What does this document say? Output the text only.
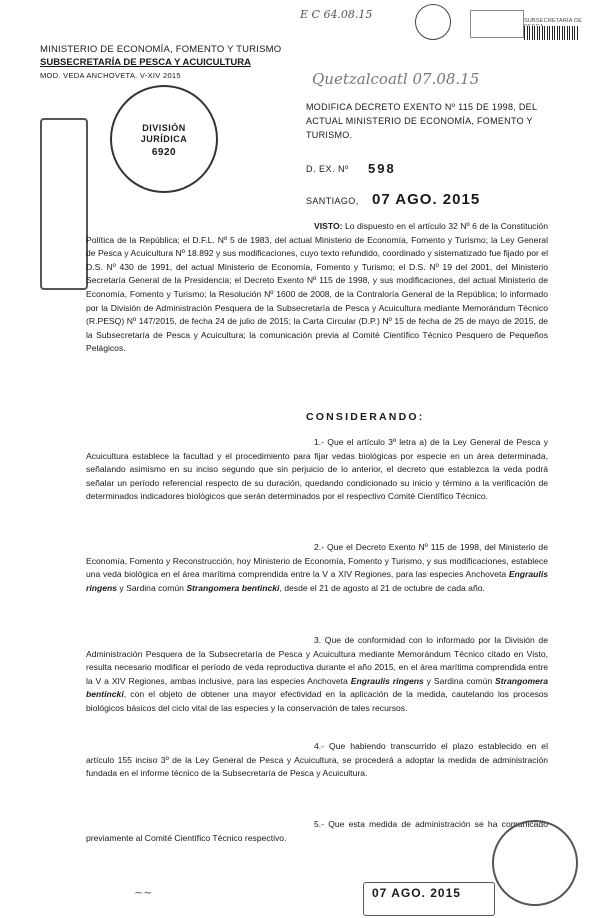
E C 64.08.15	SUBSECRETARÍA DE
MINISTERIO DE ECONOMÍA, FOMENTO Y TURISMO
SUBSECRETARÍA DE PESCA Y ACUICULTURA
MOD. VEDA ANCHOVETA. V-XIV 2015	Quetzalcoatl 07.08.15
DIVISIÓN
JURÍDICA
6920
MODIFICA DECRETO EXENTO Nº 115 DE 1998, DEL ACTUAL MINISTERIO DE ECONOMÍA, FOMENTO Y TURISMO.
D. EX. Nº 598
SANTIAGO, 07 AGO. 2015
VISTO: Lo dispuesto en el artículo 32 Nº 6 de la Constitución Política de la República; el D.F.L. Nº 5 de 1983, del actual Ministerio de Economía, Fomento y Turismo; la Ley General de Pesca y Acuicultura Nº 18.892 y sus modificaciones, cuyo texto refundido, coordinado y sistematizado fue fijado por el D.S. Nº 430 de 1991, del actual Ministerio de Economía, Fomento y Turismo; el D.S. Nº 19 del 2001, del Ministerio Secretaría General de la Presidencia; el Decreto Exento Nº 115 de 1998, y sus modificaciones, del actual Ministerio de Economía, Fomento y Turismo; la Resolución Nº 1600 de 2008, de la Contraloría General de la República; lo informado por la División de Administración Pesquera de la Subsecretaría de Pesca y Acuicultura mediante Memorándum Técnico (R.PESQ) Nº 147/2015, de fecha 24 de julio de 2015; la Carta Circular (D.P.) Nº 15 de fecha de 25 de mayo de 2015, de la Subsecretaría de Pesca y Acuicultura; la comunicación previa al Comité Científico Técnico Pesquero de Pequeños Pelágicos.
CONSIDERANDO:
1.- Que el artículo 3º letra a) de la Ley General de Pesca y Acuicultura establece la facultad y el procedimiento para fijar vedas biológicas por especie en un área determinada, señalando asimismo en su inciso segundo que sin perjuicio de lo anterior, el decreto que establezca la veda podrá señalar un período referencial respecto de su duración, quedando condicionado su inicio y término a la verificación de determinados indicadores biológicos que serán determinados por el respectivo Comité Científico Técnico.
2.- Que el Decreto Exento Nº 115 de 1998, del Ministerio de Economía, Fomento y Reconstrucción, hoy Ministerio de Economía, Fomento y Turismo, y sus modificaciones, establece una veda biológica en el área marítima comprendida entre la V a XIV Regiones, para las especies Anchoveta Engraulis ringens y Sardina común Strangomera bentincki, desde el 21 de agosto al 21 de octubre de cada año.
3. Que de conformidad con lo informado por la División de Administración Pesquera de la Subsecretaría de Pesca y Acuicultura mediante Memorándum Técnico citado en Visto, resulta necesario modificar el período de veda reproductiva durante el año 2015, en el área marítima comprendida entre la V a XIV Regiones, ambas inclusive, para las especies Anchoveta Engraulis ringens y Sardina común Strangomera bentincki, con el objeto de obtener una mayor efectividad en la aplicación de la medida, cautelando los procesos biológicos básicos del ciclo vital de las especies y la conservación de tales recursos.
4.- Que habiendo transcurrido el plazo establecido en el artículo 155 inciso 3º de la Ley General de Pesca y Acuicultura, se procederá a adoptar la medida de administración fundada en el informe técnico de la Subsecretaría de Pesca y Acuicultura.
5.- Que esta medida de administración se ha comunicado previamente al Comité Científico Técnico respectivo.
~~	07 AGO. 2015
